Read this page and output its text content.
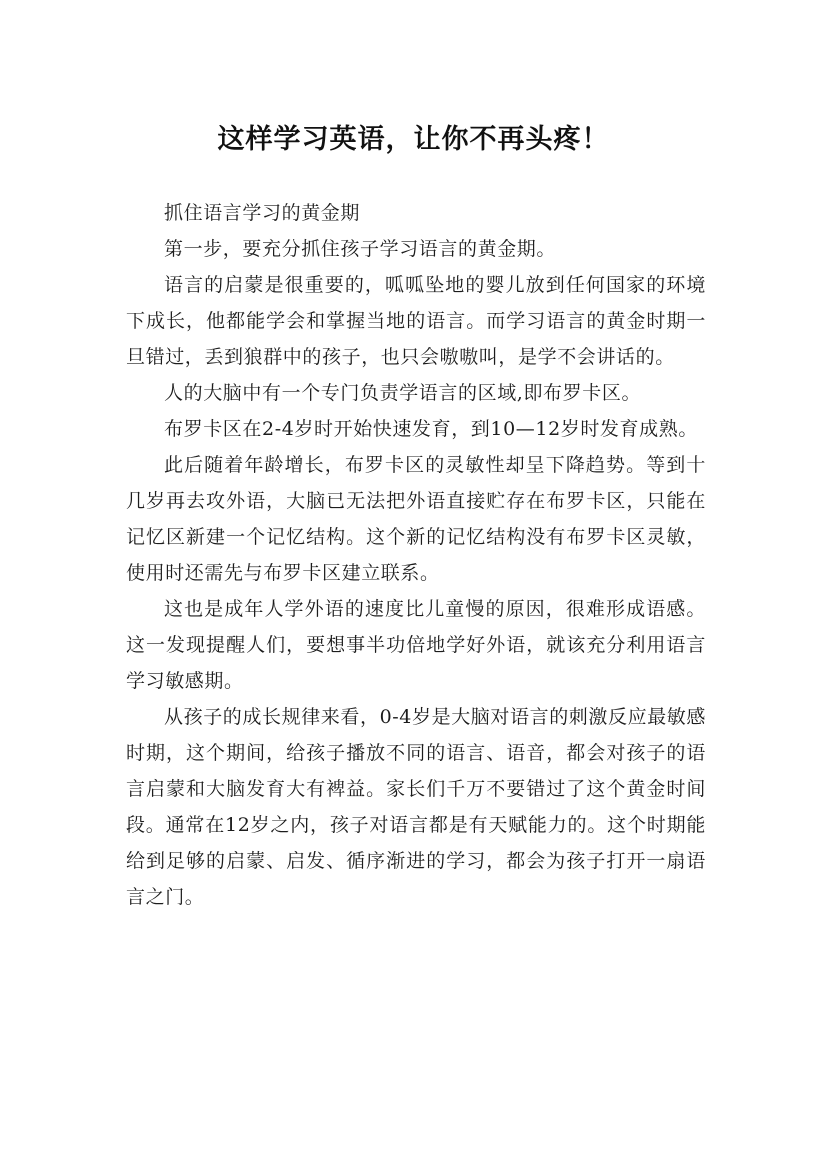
这样学习英语，让你不再头疼！

抓住语言学习的黄金期

第一步，要充分抓住孩子学习语言的黄金期。

语言的启蒙是很重要的，呱呱坠地的婴儿放到任何国家的环境下成长，他都能学会和掌握当地的语言。而学习语言的黄金时期一旦错过，丢到狼群中的孩子，也只会嗷嗷叫，是学不会讲话的。

人的大脑中有一个专门负责学语言的区域,即布罗卡区。

布罗卡区在2-4岁时开始快速发育，到10—12岁时发育成熟。

此后随着年龄增长，布罗卡区的灵敏性却呈下降趋势。等到十几岁再去攻外语，大脑已无法把外语直接贮存在布罗卡区，只能在记忆区新建一个记忆结构。这个新的记忆结构没有布罗卡区灵敏，使用时还需先与布罗卡区建立联系。

这也是成年人学外语的速度比儿童慢的原因，很难形成语感。这一发现提醒人们，要想事半功倍地学好外语，就该充分利用语言学习敏感期。

从孩子的成长规律来看，0-4岁是大脑对语言的刺激反应最敏感时期，这个期间，给孩子播放不同的语言、语音，都会对孩子的语言启蒙和大脑发育大有裨益。家长们千万不要错过了这个黄金时间段。通常在12岁之内，孩子对语言都是有天赋能力的。这个时期能给到足够的启蒙、启发、循序渐进的学习，都会为孩子打开一扇语言之门。
